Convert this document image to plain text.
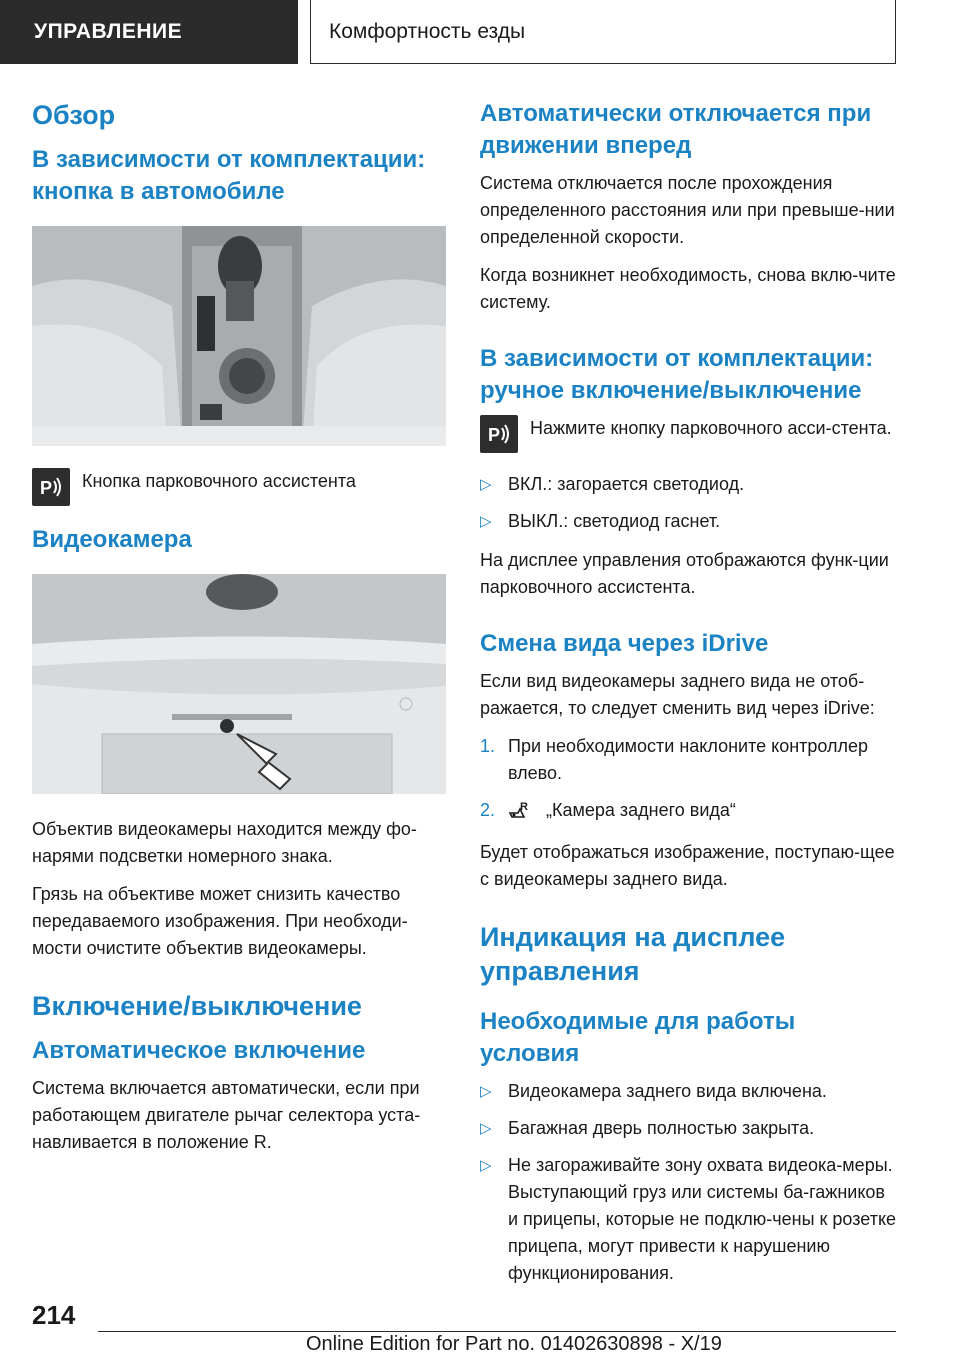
УПРАВЛЕНИЕ	Комфортность езды
Обзор
В зависимости от комплектации: кнопка в автомобиле
P Кнопка парковочного ассистента
Видеокамера

Объектив видеокамеры находится между фо-нарями подсветки номерного знака.

Грязь на объективе может снизить качество передаваемого изображения. При необходи-мости очистите объектив видеокамеры.

Включение/выключение
Автоматическое включение

Система включается автоматически, если при работающем двигателе рычаг селектора уста-навливается в положение R.

Автоматически отключается при движении вперед

Система отключается после прохождения определенного расстояния или при превыше-нии определенной скорости.

Когда возникнет необходимость, снова вклю-чите систему.

В зависимости от комплектации: ручное включение/выключение
P Нажмите кнопку парковочного асси-стента.
▷ ВКЛ.: загорается светодиод.
▷ ВЫКЛ.: светодиод гаснет.

На дисплее управления отображаются функ-ции парковочного ассистента.

Смена вида через iDrive

Если вид видеокамеры заднего вида не отоб-ражается, то следует сменить вид через iDrive:

1. При необходимости наклоните контроллер влево.
2. R „Камера заднего вида“

Будет отображаться изображение, поступаю-щее с видеокамеры заднего вида.

Индикация на дисплее управления
Необходимые для работы условия
▷ Видеокамера заднего вида включена.
▷ Багажная дверь полностью закрыта.
▷ Не загораживайте зону охвата видеока-меры. Выступающий груз или системы ба-гажников и прицепы, которые не подклю-чены к розетке прицепа, могут привести к нарушению функционирования.
214
Online Edition for Part no. 01402630898 - X/19
